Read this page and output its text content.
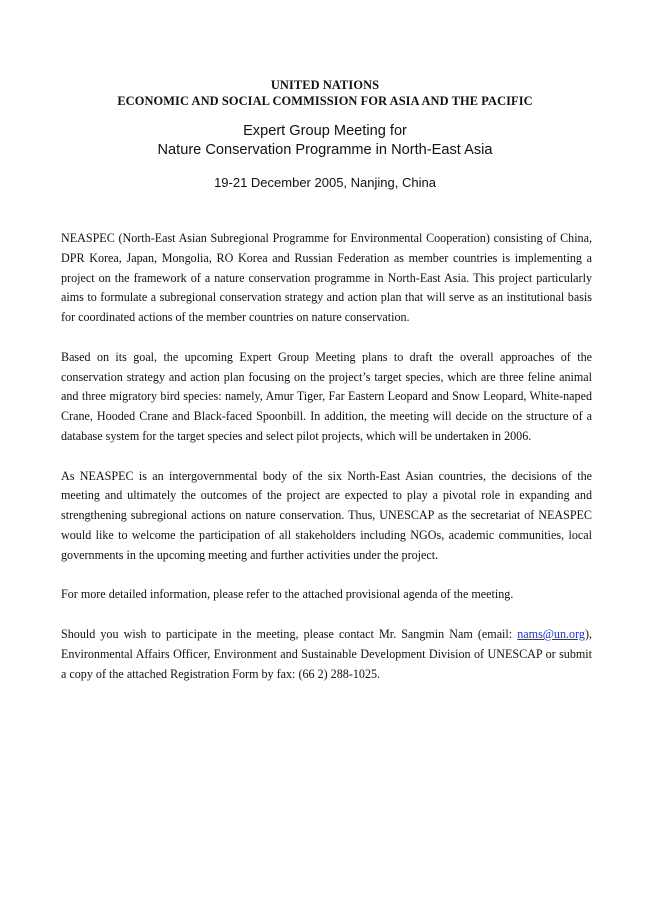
UNITED NATIONS
ECONOMIC AND SOCIAL COMMISSION FOR ASIA AND THE PACIFIC
Expert Group Meeting for
Nature Conservation Programme in North-East Asia
19-21 December 2005, Nanjing, China

NEASPEC (North-East Asian Subregional Programme for Environmental Cooperation) consisting of China, DPR Korea, Japan, Mongolia, RO Korea and Russian Federation as member countries is implementing a project on the framework of a nature conservation programme in North-East Asia. This project particularly aims to formulate a subregional conservation strategy and action plan that will serve as an institutional basis for coordinated actions of the member countries on nature conservation.

Based on its goal, the upcoming Expert Group Meeting plans to draft the overall approaches of the conservation strategy and action plan focusing on the project’s target species, which are three feline animal and three migratory bird species: namely, Amur Tiger, Far Eastern Leopard and Snow Leopard, White-naped Crane, Hooded Crane and Black-faced Spoonbill. In addition, the meeting will decide on the structure of a database system for the target species and select pilot projects, which will be undertaken in 2006.

As NEASPEC is an intergovernmental body of the six North-East Asian countries, the decisions of the meeting and ultimately the outcomes of the project are expected to play a pivotal role in expanding and strengthening subregional actions on nature conservation. Thus, UNESCAP as the secretariat of NEASPEC would like to welcome the participation of all stakeholders including NGOs, academic communities, local governments in the upcoming meeting and further activities under the project.

For more detailed information, please refer to the attached provisional agenda of the meeting.

Should you wish to participate in the meeting, please contact Mr. Sangmin Nam (email: nams@un.org), Environmental Affairs Officer, Environment and Sustainable Development Division of UNESCAP or submit a copy of the attached Registration Form by fax: (66 2) 288-1025.
